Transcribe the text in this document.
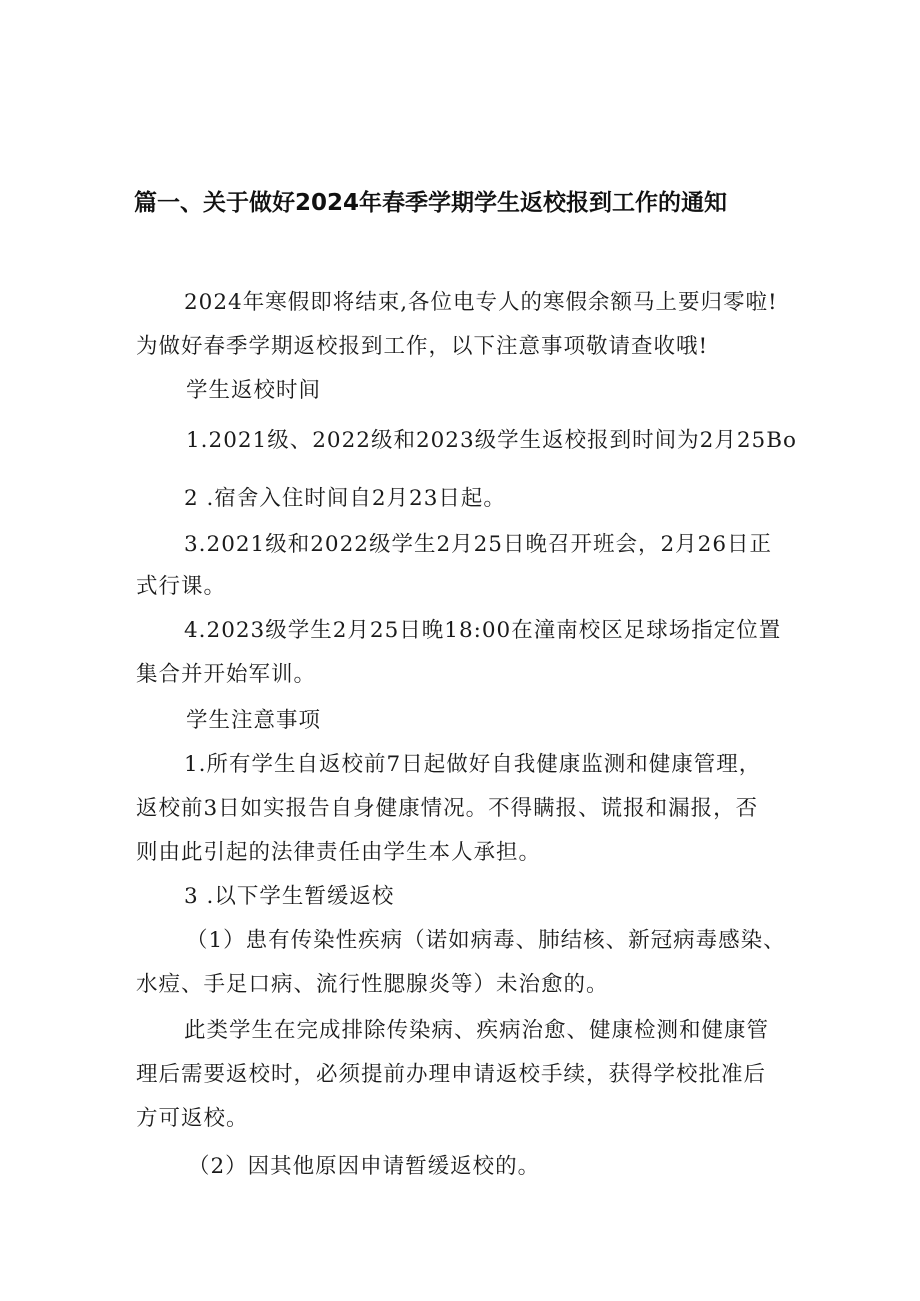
篇一、关于做好2024年春季学期学生返校报到工作的通知
2024年寒假即将结束,各位电专人的寒假余额马上要归零啦!
为做好春季学期返校报到工作，以下注意事项敬请查收哦!
学生返校时间
1.2021级、2022级和2023级学生返校报到时间为2月25Bo
2 .宿舍入住时间自2月23日起。
3.2021级和2022级学生2月25日晚召开班会，2月26日正
式行课。
4.2023级学生2月25日晚18:00在潼南校区足球场指定位置
集合并开始军训。
学生注意事项
1.所有学生自返校前7日起做好自我健康监测和健康管理，
返校前3日如实报告自身健康情况。不得瞒报、谎报和漏报，否
则由此引起的法律责任由学生本人承担。
3 .以下学生暂缓返校
（1）患有传染性疾病（诺如病毒、肺结核、新冠病毒感染、
水痘、手足口病、流行性腮腺炎等）未治愈的。
此类学生在完成排除传染病、疾病治愈、健康检测和健康管
理后需要返校时，必须提前办理申请返校手续，获得学校批准后
方可返校。
（2）因其他原因申请暂缓返校的。
